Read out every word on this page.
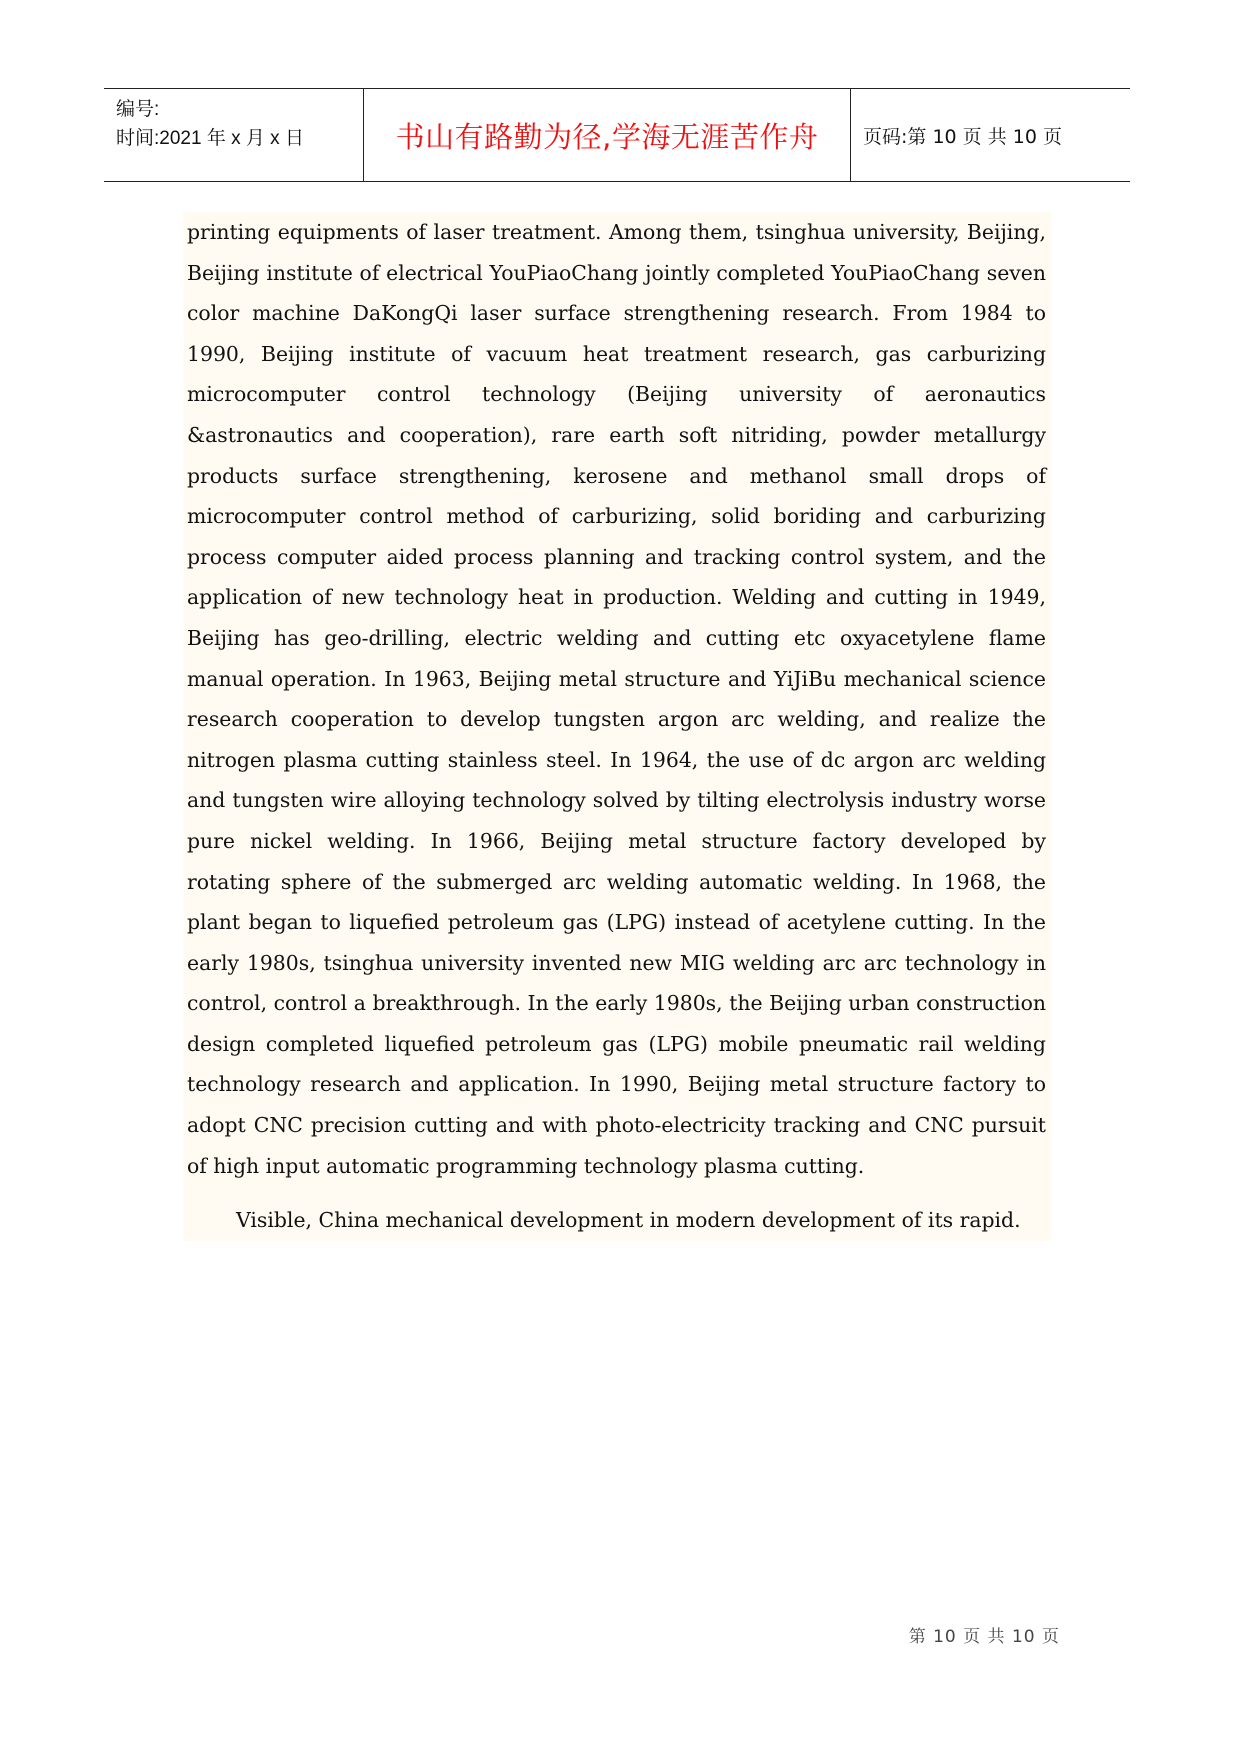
编号:
时间:2021 年 x 月 x 日	书山有路勤为径,学海无涯苦作舟 页码:第 10 页 共 10 页

printing equipments of laser treatment. Among them, tsinghua university, Beijing, Beijing institute of electrical YouPiaoChang jointly completed YouPiaoChang seven color machine DaKongQi laser surface strengthening research. From 1984 to 1990, Beijing institute of vacuum heat treatment research, gas carburizing microcomputer control technology (Beijing university of aeronautics &astronautics and cooperation), rare earth soft nitriding, powder metallurgy products surface strengthening, kerosene and methanol small drops of microcomputer control method of carburizing, solid boriding and carburizing process computer aided process planning and tracking control system, and the application of new technology heat in production. Welding and cutting in 1949, Beijing has geo-drilling, electric welding and cutting etc oxyacetylene flame manual operation. In 1963, Beijing metal structure and YiJiBu mechanical science research cooperation to develop tungsten argon arc welding, and realize the nitrogen plasma cutting stainless steel. In 1964, the use of dc argon arc welding and tungsten wire alloying technology solved by tilting electrolysis industry worse pure nickel welding. In 1966, Beijing metal structure factory developed by rotating sphere of the submerged arc welding automatic welding. In 1968, the plant began to liquefied petroleum gas (LPG) instead of acetylene cutting. In the early 1980s, tsinghua university invented new MIG welding arc arc technology in control, control a breakthrough. In the early 1980s, the Beijing urban construction design completed liquefied petroleum gas (LPG) mobile pneumatic rail welding technology research and application. In 1990, Beijing metal structure factory to adopt CNC precision cutting and with photo-electricity tracking and CNC pursuit of high input automatic programming technology plasma cutting.

Visible, China mechanical development in modern development of its rapid.

第 10 页 共 10 页
